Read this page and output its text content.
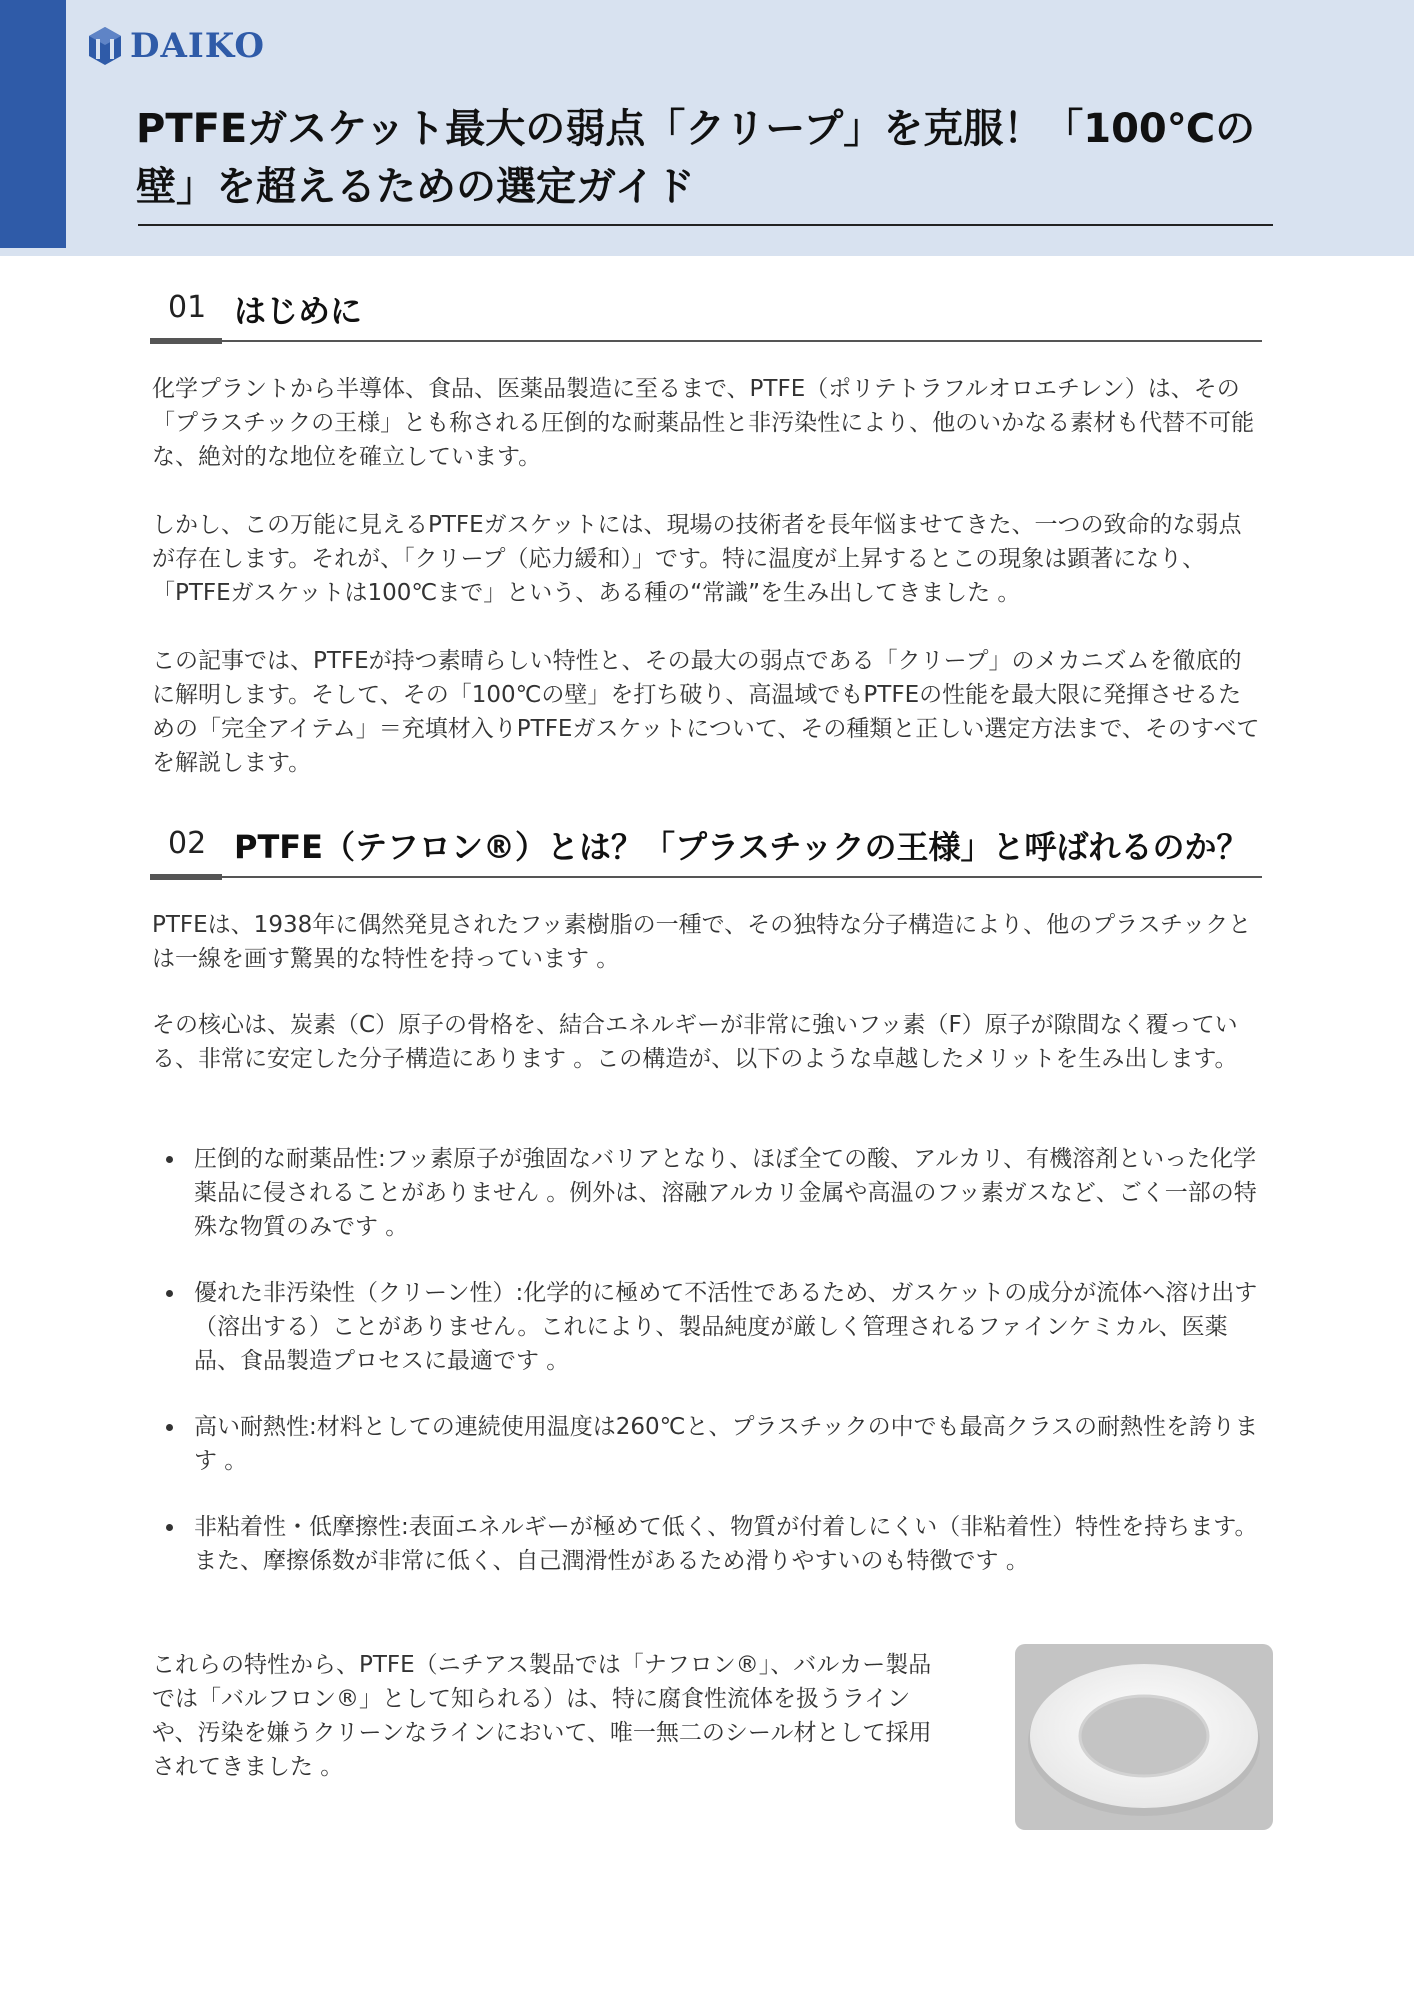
DAIKO
PTFEガスケット最大の弱点「クリープ」を克服！「100℃の壁」を超えるための選定ガイド
01 はじめに

化学プラントから半導体、食品、医薬品製造に至るまで、PTFE（ポリテトラフルオロエチレン）は、その「プラスチックの王様」とも称される圧倒的な耐薬品性と非汚染性により、他のいかなる素材も代替不可能な、絶対的な地位を確立しています。

しかし、この万能に見えるPTFEガスケットには、現場の技術者を長年悩ませてきた、一つの致命的な弱点が存在します。それが、「クリープ（応力緩和）」です。特に温度が上昇するとこの現象は顕著になり、「PTFEガスケットは100℃まで」という、ある種の“常識”を生み出してきました 。

この記事では、PTFEが持つ素晴らしい特性と、その最大の弱点である「クリープ」のメカニズムを徹底的に解明します。そして、その「100℃の壁」を打ち破り、高温域でもPTFEの性能を最大限に発揮させるための「完全アイテム」＝充填材入りPTFEガスケットについて、その種類と正しい選定方法まで、そのすべてを解説します。

02 PTFE（テフロン®）とは？「プラスチックの王様」と呼ばれるのか？

PTFEは、1938年に偶然発見されたフッ素樹脂の一種で、その独特な分子構造により、他のプラスチックとは一線を画す驚異的な特性を持っています 。

その核心は、炭素（C）原子の骨格を、結合エネルギーが非常に強いフッ素（F）原子が隙間なく覆っている、非常に安定した分子構造にあります 。この構造が、以下のような卓越したメリットを生み出します。

圧倒的な耐薬品性:フッ素原子が強固なバリアとなり、ほぼ全ての酸、アルカリ、有機溶剤といった化学薬品に侵されることがありません 。例外は、溶融アルカリ金属や高温のフッ素ガスなど、ごく一部の特殊な物質のみです 。
優れた非汚染性（クリーン性）:化学的に極めて不活性であるため、ガスケットの成分が流体へ溶け出す（溶出する）ことがありません。これにより、製品純度が厳しく管理されるファインケミカル、医薬品、食品製造プロセスに最適です 。
高い耐熱性:材料としての連続使用温度は260℃と、プラスチックの中でも最高クラスの耐熱性を誇ります 。
非粘着性・低摩擦性:表面エネルギーが極めて低く、物質が付着しにくい（非粘着性）特性を持ちます。また、摩擦係数が非常に低く、自己潤滑性があるため滑りやすいのも特徴です 。

これらの特性から、PTFE（ニチアス製品では「ナフロン®」、バルカー製品では「バルフロン®」として知られる）は、特に腐食性流体を扱うラインや、汚染を嫌うクリーンなラインにおいて、唯一無二のシール材として採用されてきました 。
